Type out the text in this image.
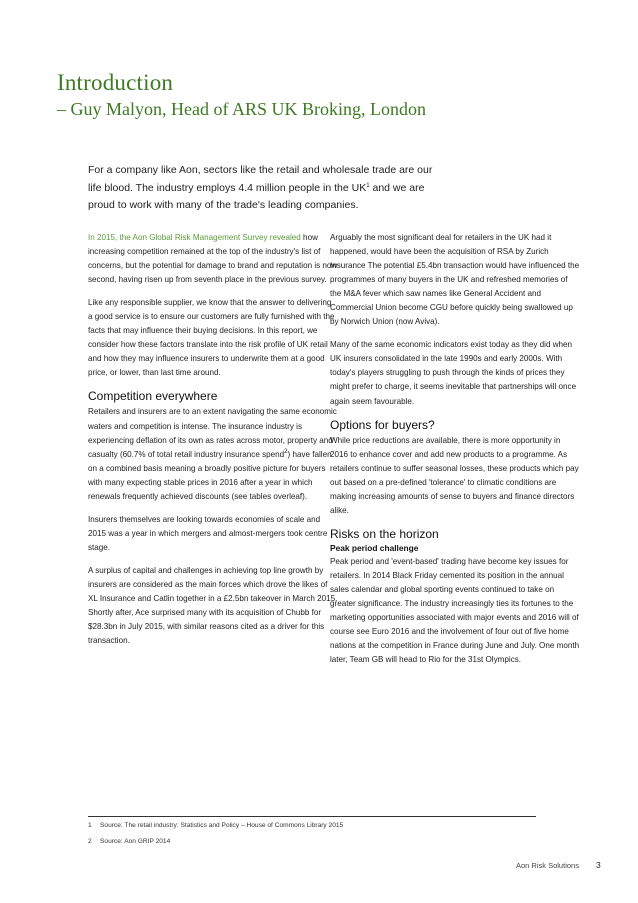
Introduction
– Guy Malyon, Head of ARS UK Broking, London

For a company like Aon, sectors like the retail and wholesale trade are our life blood. The industry employs 4.4 million people in the $UK^1$ and we are proud to work with many of the trade's leading companies.

In 2015, the Aon Global Risk Management Survey revealed how increasing competition remained at the top of the industry's list of concerns, but the potential for damage to brand and reputation is now second, having risen up from seventh place in the previous survey.

Like any responsible supplier, we know that the answer to delivering a good service is to ensure our customers are fully furnished with the facts that may influence their buying decisions. In this report, we consider how these factors translate into the risk profile of UK retail and how they may influence insurers to underwrite them at a good price, or lower, than last time around.

Competition everywhere

Retailers and insurers are to an extent navigating the same economic waters and competition is intense. The insurance industry is experiencing deflation of its own as rates across motor, property and casualty (60.7% of total retail industry insurance spend$^2$) have fallen on a combined basis meaning a broadly positive picture for buyers with many expecting stable prices in 2016 after a year in which renewals frequently achieved discounts (see tables overleaf).

Insurers themselves are looking towards economies of scale and 2015 was a year in which mergers and almost-mergers took centre stage.

A surplus of capital and challenges in achieving top line growth by insurers are considered as the main forces which drove the likes of XL Insurance and Catlin together in a £2.5bn takeover in March 2015. Shortly after, Ace surprised many with its acquisition of Chubb for $28.3bn in July 2015, with similar reasons cited as a driver for this transaction.

Arguably the most significant deal for retailers in the UK had it happened, would have been the acquisition of RSA by Zurich Insurance The potential £5.4bn transaction would have influenced the programmes of many buyers in the UK and refreshed memories of the M&A fever which saw names like General Accident and Commercial Union become CGU before quickly being swallowed up by Norwich Union (now Aviva).

Many of the same economic indicators exist today as they did when UK insurers consolidated in the late 1990s and early 2000s. With today's players struggling to push through the kinds of prices they might prefer to charge, it seems inevitable that partnerships will once again seem favourable.

Options for buyers?

While price reductions are available, there is more opportunity in 2016 to enhance cover and add new products to a programme. As retailers continue to suffer seasonal losses, these products which pay out based on a pre-defined 'tolerance' to climatic conditions are making increasing amounts of sense to buyers and finance directors alike.

Risks on the horizon
Peak period challenge

Peak period and 'event-based' trading have become key issues for retailers. In 2014 Black Friday cemented its position in the annual sales calendar and global sporting events continued to take on greater significance. The industry increasingly ties its fortunes to the marketing opportunities associated with major events and 2016 will of course see Euro 2016 and the involvement of four out of five home nations at the competition in France during June and July. One month later, Team GB will head to Rio for the 31st Olympics.

1 Source: The retail industry: Statistics and Policy – House of Commons Library 2015

2 Source: Aon GRIP 2014

Aon Risk Solutions 3
